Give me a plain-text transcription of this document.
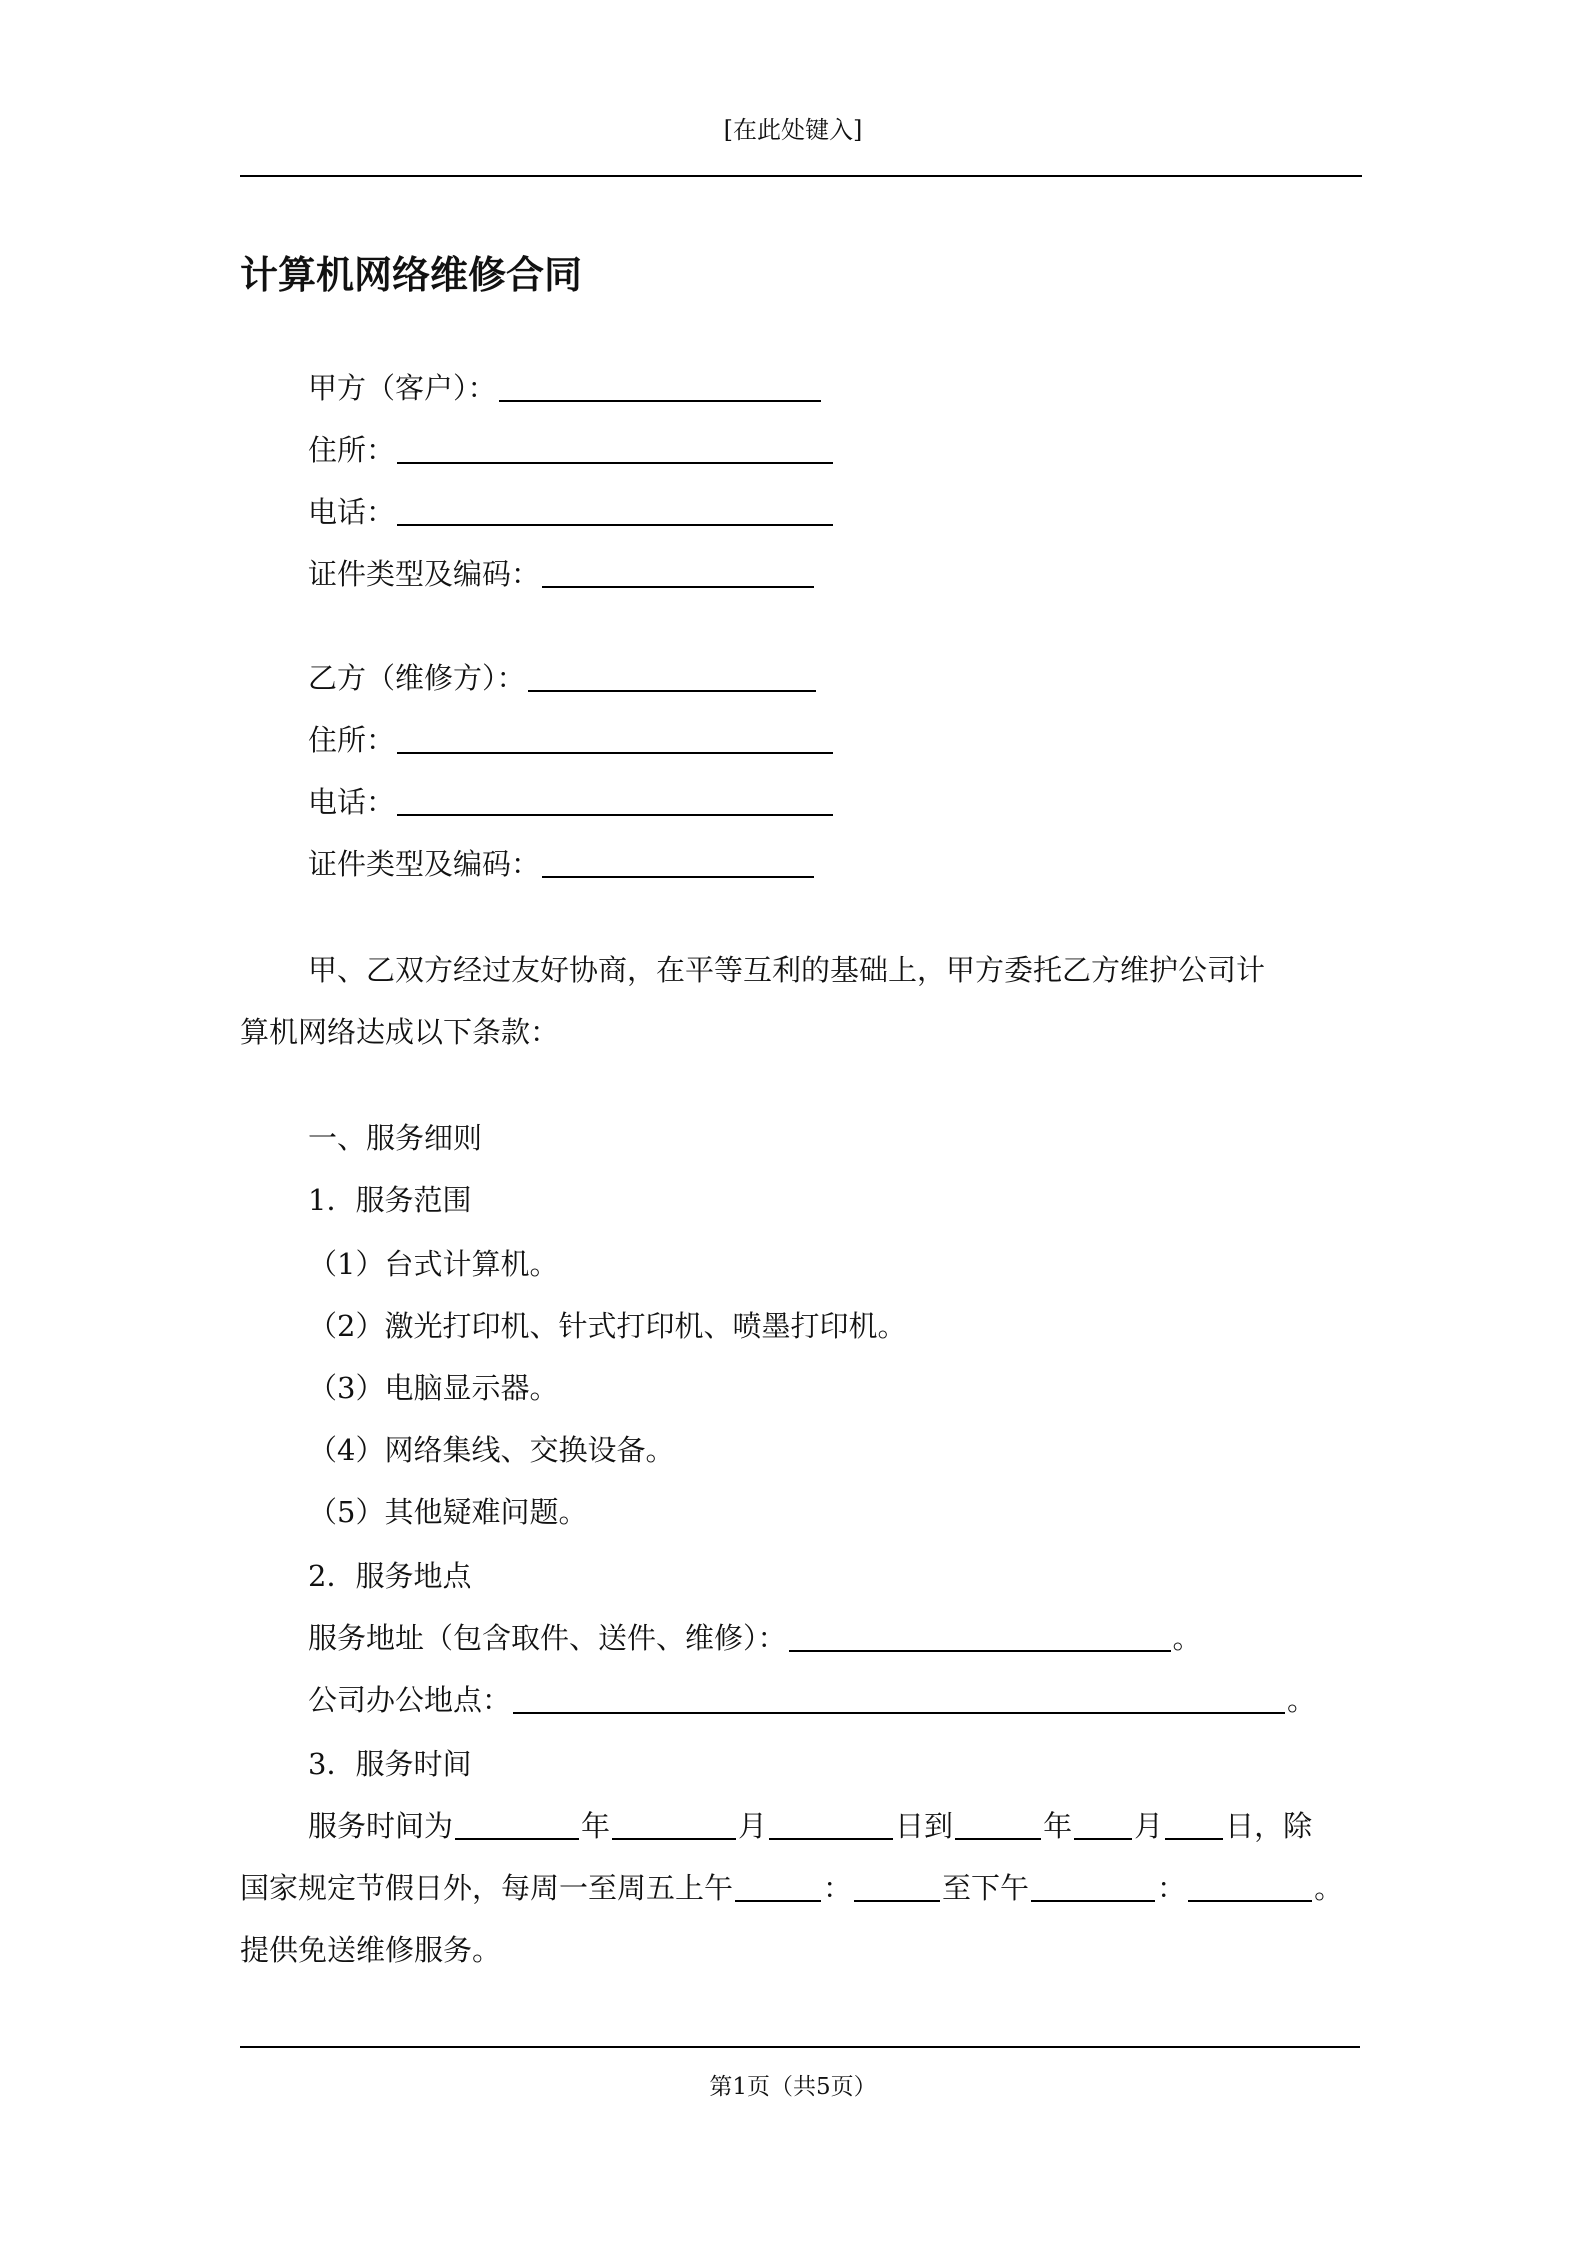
[在此处键入]
计算机网络维修合同
甲方（客户）：
住所：
电话：
证件类型及编码：
乙方（维修方）：
住所：
电话：
证件类型及编码：
甲、乙双方经过友好协商，在平等互利的基础上，甲方委托乙方维护公司计
算机网络达成以下条款：
一、服务细则
1．服务范围
（1）台式计算机。
（2）激光打印机、针式打印机、喷墨打印机。
（3）电脑显示器。
（4）网络集线、交换设备。
（5）其他疑难问题。
2．服务地点
服务地址（包含取件、送件、维修）：	。
公司办公地点：	。
3．服务时间
服务时间为	年	月	日到	年 月 日，除
国家规定节假日外，每周一至周五上午	：	至下午	：	。
提供免送维修服务。
第1页（共5页）
